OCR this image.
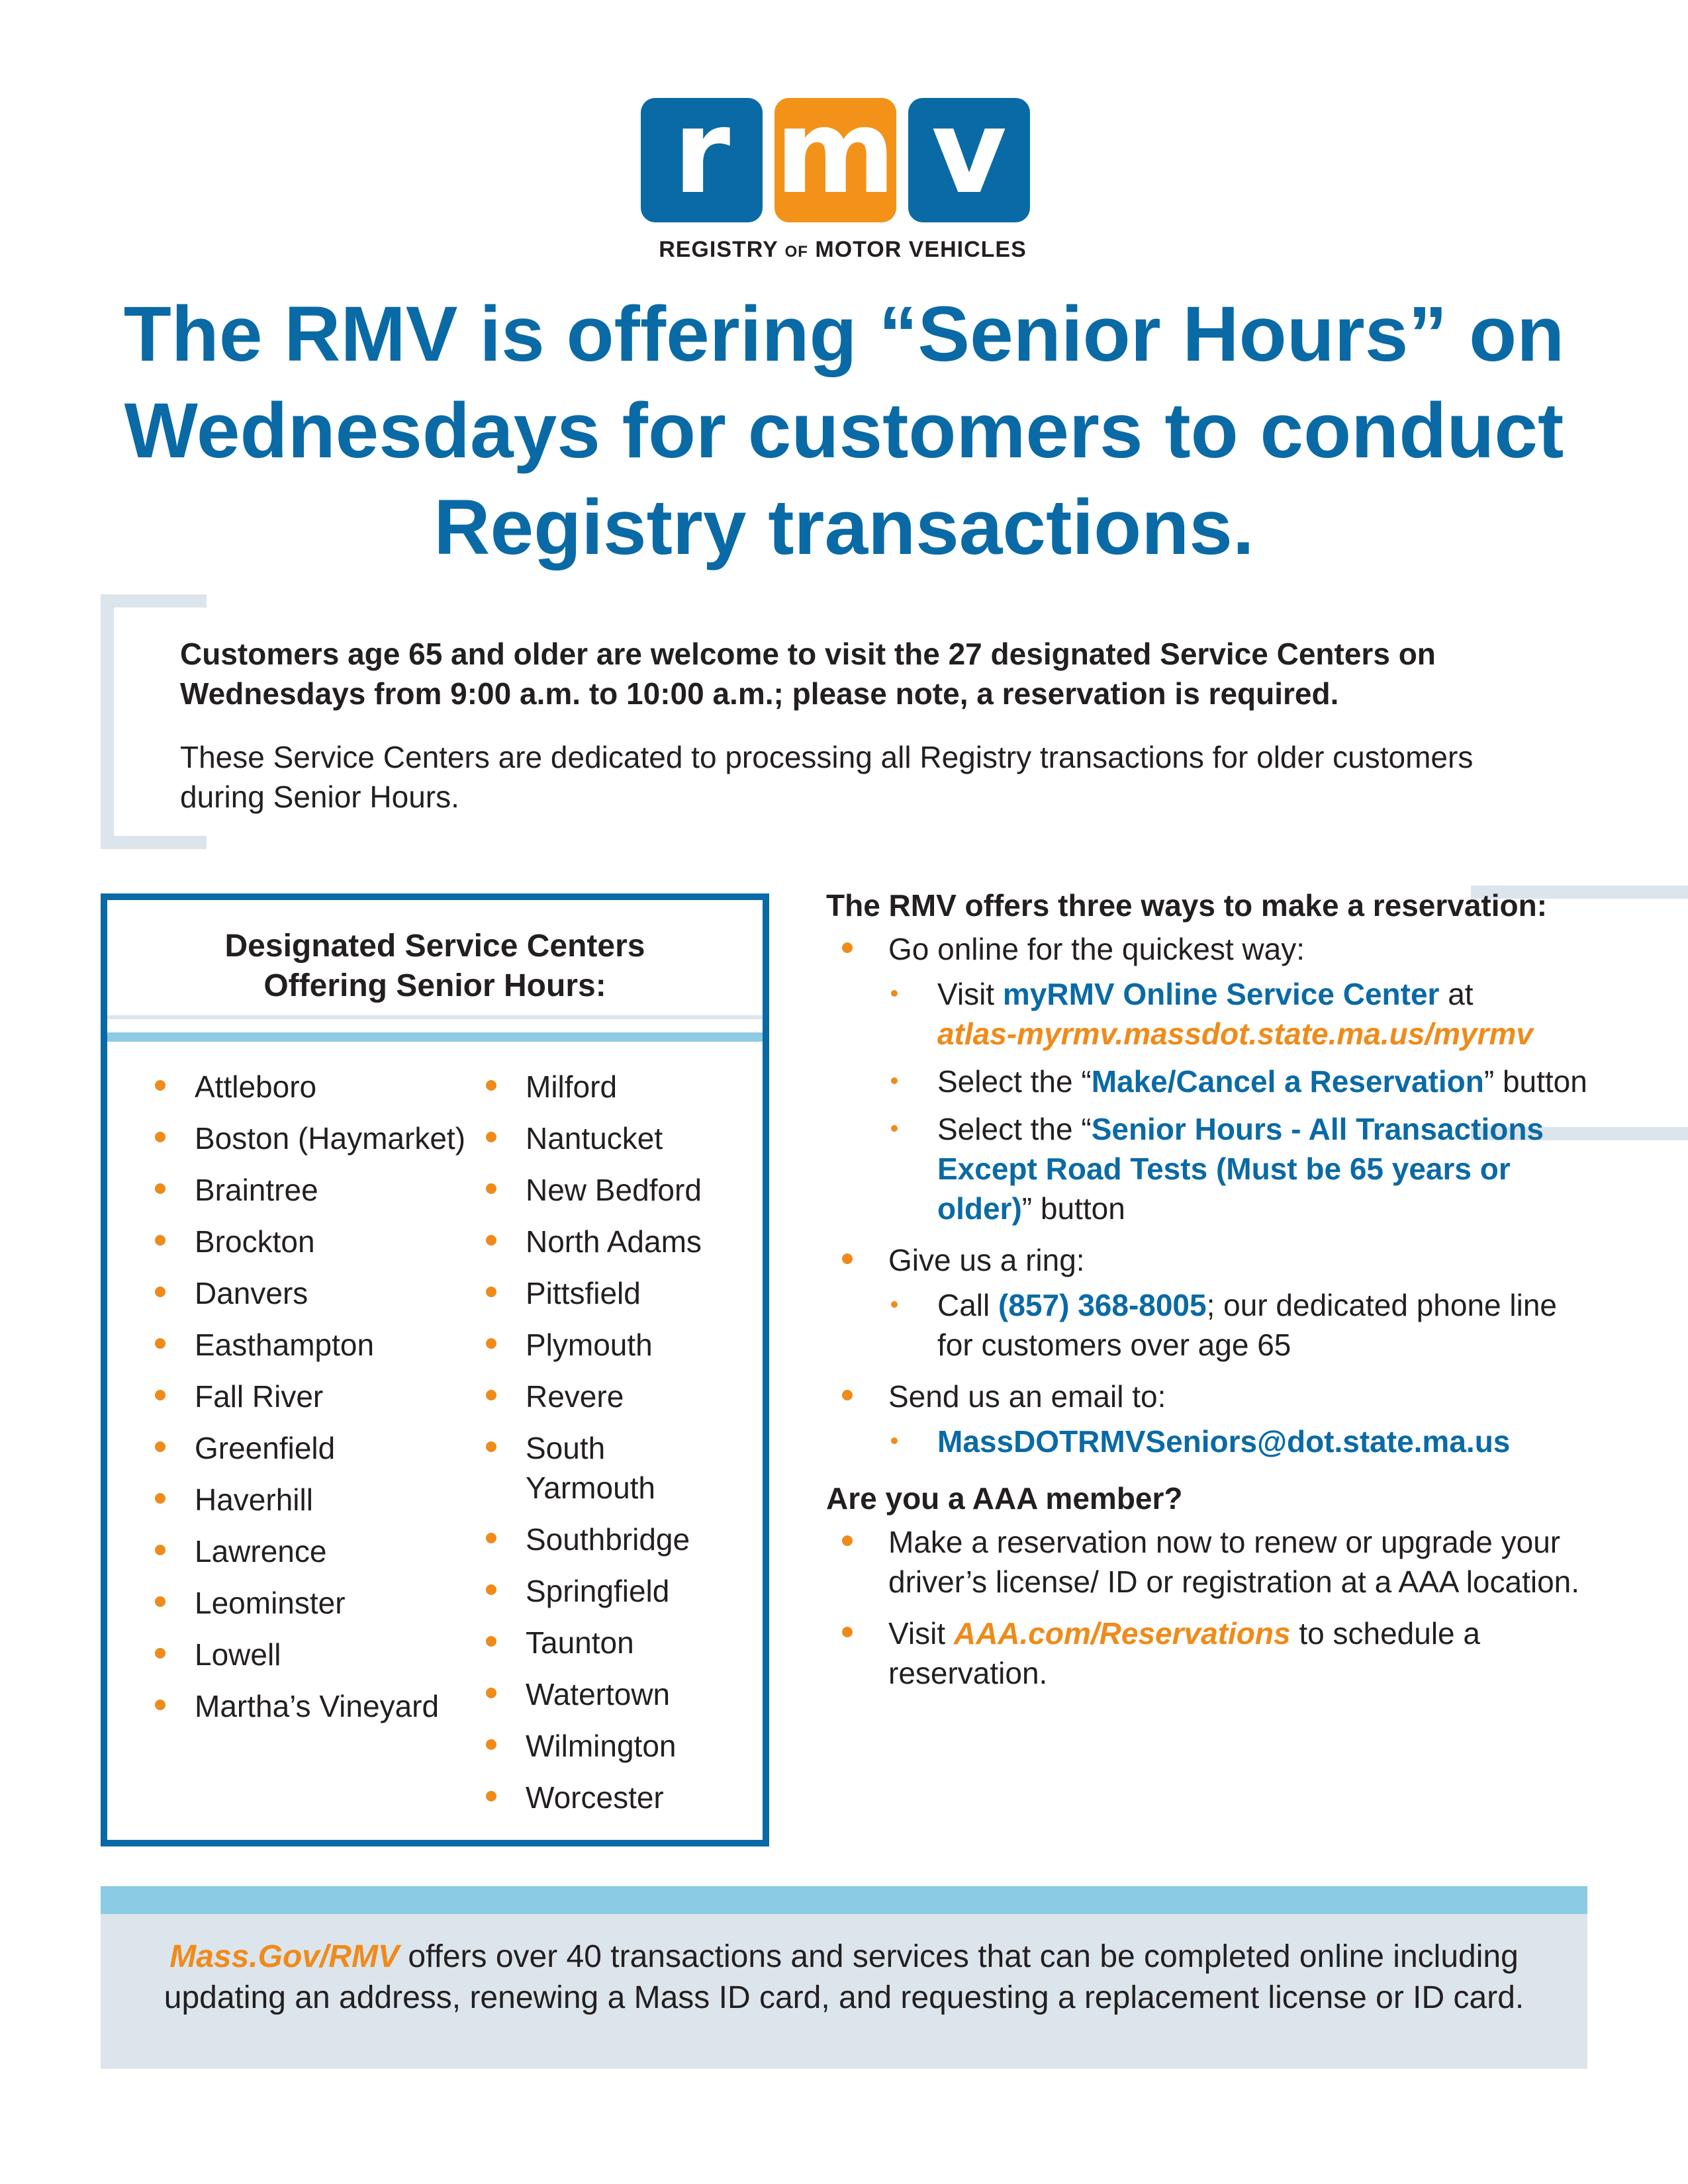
r m v
REGISTRY OF MOTOR VEHICLES
The RMV is offering “Senior Hours” on Wednesdays for customers to conduct Registry transactions.

Customers age 65 and older are welcome to visit the 27 designated Service Centers on Wednesdays from 9:00 a.m. to 10:00 a.m.; please note, a reservation is required.

These Service Centers are dedicated to processing all Registry transactions for older customers during Senior Hours.

Designated Service Centers
Offering Senior Hours:
Attleboro
Boston (Haymarket)
Braintree
Brockton
Danvers
Easthampton
Fall River
Greenfield
Haverhill
Lawrence
Leominster
Lowell
Martha’s Vineyard
Milford
Nantucket
New Bedford
North Adams
Pittsfield
Plymouth
Revere
South Yarmouth
Southbridge
Springfield
Taunton
Watertown
Wilmington
Worcester
The RMV offers three ways to make a reservation:
Go online for the quickest way:
Visit myRMV Online Service Center at
atlas-myrmv.massdot.state.ma.us/myrmv
Select the “Make/Cancel a Reservation” button
Select the “Senior Hours - All Transactions Except Road Tests (Must be 65 years or older)” button
Give us a ring:
Call (857) 368-8005; our dedicated phone line for customers over age 65
Send us an email to:
MassDOTRMVSeniors@dot.state.ma.us
Are you a AAA member?
Make a reservation now to renew or upgrade your driver’s license/ ID or registration at a AAA location.
Visit AAA.com/Reservations to schedule a reservation.

Mass.Gov/RMV offers over 40 transactions and services that can be completed online including updating an address, renewing a Mass ID card, and requesting a replacement license or ID card.
